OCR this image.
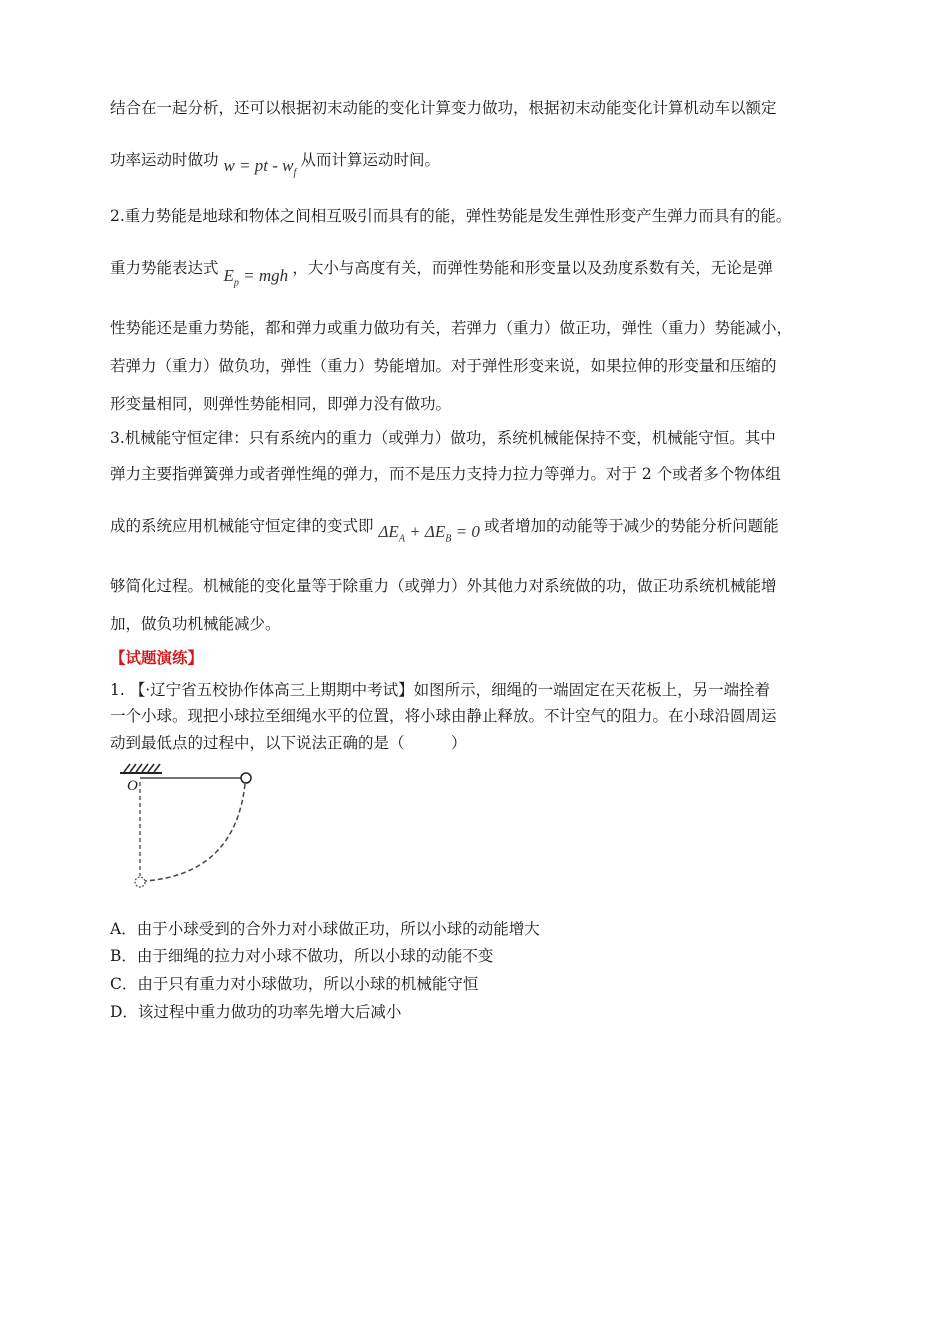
结合在一起分析，还可以根据初末动能的变化计算变力做功，根据初末动能变化计算机动车以额定
功率运动时做功 w = pt - $w_f$ 从而计算运动时间。
2.重力势能是地球和物体之间相互吸引而具有的能，弹性势能是发生弹性形变产生弹力而具有的能。
重力势能表达式 $E_p$ = mgh ，大小与高度有关，而弹性势能和形变量以及劲度系数有关，无论是弹
性势能还是重力势能，都和弹力或重力做功有关，若弹力（重力）做正功，弹性（重力）势能减小，
若弹力（重力）做负功，弹性（重力）势能增加。对于弹性形变来说，如果拉伸的形变量和压缩的
形变量相同，则弹性势能相同，即弹力没有做功。
3.机械能守恒定律：只有系统内的重力（或弹力）做功，系统机械能保持不变，机械能守恒。其中
弹力主要指弹簧弹力或者弹性绳的弹力，而不是压力支持力拉力等弹力。对于 2 个或者多个物体组
成的系统应用机械能守恒定律的变式即 $\Delta E_A + \Delta E_B = 0$ 或者增加的动能等于减少的势能分析问题能
够简化过程。机械能的变化量等于除重力（或弹力）外其他力对系统做的功，做正功系统机械能增
加，做负功机械能减少。
【试题演练】
1. 【·辽宁省五校协作体高三上期期中考试】如图所示，细绳的一端固定在天花板上，另一端拴着
一个小球。现把小球拉至细绳水平的位置，将小球由静止释放。不计空气的阻力。在小球沿圆周运
动到最低点的过程中，以下说法正确的是（　　　）
O
A．由于小球受到的合外力对小球做正功，所以小球的动能增大
B．由于细绳的拉力对小球不做功，所以小球的动能不变
C．由于只有重力对小球做功，所以小球的机械能守恒
D．该过程中重力做功的功率先增大后减小
